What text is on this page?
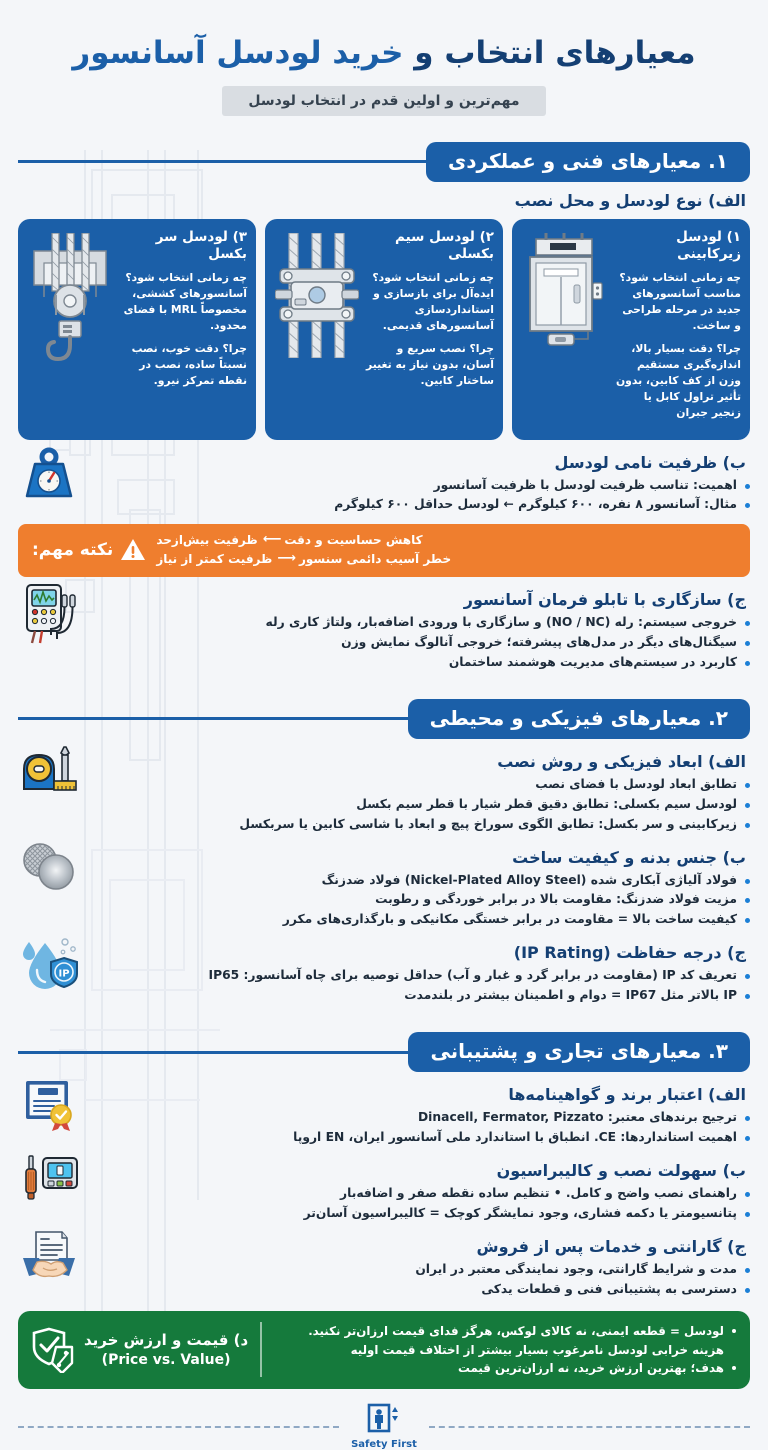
معیارهای انتخاب و خرید لودسل آسانسور
مهم‌ترین و اولین قدم در انتخاب لودسل
۱. معیارهای فنی و عملکردی
الف) نوع لودسل و محل نصب
۱) لودسل زیرکابینی
چه زمانی انتخاب شود؟ مناسب آسانسورهای جدید در مرحله طراحی و ساخت.
چرا؟ دقت بسیار بالا، اندازه‌گیری مستقیم وزن از کف کابین، بدون تأثیر تراول کابل یا زنجیر جبران
۲) لودسل سیم بکسلی
چه زمانی انتخاب شود؟ ایده‌آل برای بازسازی و استانداردسازی آسانسورهای قدیمی.
چرا؟ نصب سریع و آسان، بدون نیاز به تغییر ساختار کابین.
۳) لودسل سر بکسل
چه زمانی انتخاب شود؟ آسانسورهای کششی، مخصوصاً MRL با فضای محدود.
چرا؟ دقت خوب، نصب نسبتاً ساده، نصب در نقطه تمرکز نیرو.
ب) ظرفیت نامی لودسل
اهمیت: تناسب ظرفیت لودسل با ظرفیت آسانسور
مثال: آسانسور ۸ نفره، ۶۰۰ کیلوگرم ← لودسل حداقل ۶۰۰ کیلوگرم
نکته مهم:
ظرفیت بیش‌ازحد ⟵ کاهش حساسیت و دقت
ظرفیت کمتر از نیاز ⟶ خطر آسیب دائمی سنسور
ج) سازگاری با تابلو فرمان آسانسور
خروجی سیستم: رله (NO / NC) و سازگاری با ورودی اضافه‌بار، ولتاژ کاری رله
سیگنال‌های دیگر در مدل‌های پیشرفته؛ خروجی آنالوگ نمایش وزن
کاربرد در سیستم‌های مدیریت هوشمند ساختمان
۲. معیارهای فیزیکی و محیطی
الف) ابعاد فیزیکی و روش نصب
تطابق ابعاد لودسل با فضای نصب
لودسل سیم بکسلی: تطابق دقیق قطر شیار با قطر سیم بکسل
زیرکابینی و سر بکسل: تطابق الگوی سوراخ پیچ و ابعاد با شاسی کابین یا سربکسل
ب) جنس بدنه و کیفیت ساخت
فولاد آلیاژی آبکاری شده (Nickel-Plated Alloy Steel) فولاد ضدزنگ
مزیت فولاد ضدزنگ: مقاومت بالا در برابر خوردگی و رطوبت
کیفیت ساخت بالا = مقاومت در برابر خستگی مکانیکی و بارگذاری‌های مکرر
IP
ج) درجه حفاظت (IP Rating)
تعریف کد IP (مقاومت در برابر گرد و غبار و آب) حداقل توصیه برای چاه آسانسور: IP65
IP بالاتر مثل IP67 = دوام و اطمینان بیشتر در بلندمدت
۳. معیارهای تجاری و پشتیبانی
الف) اعتبار برند و گواهینامه‌ها
ترجیح برندهای معتبر: Dinacell, Fermator, Pizzato
اهمیت استانداردها: CE. انطباق با استاندارد ملی آسانسور ایران، EN اروپا
ب) سهولت نصب و کالیبراسیون
راهنمای نصب واضح و کامل. • تنظیم ساده نقطه صفر و اضافه‌بار
پتانسیومتر یا دکمه فشاری، وجود نمایشگر کوچک = کالیبراسیون آسان‌تر
ج) گارانتی و خدمات پس از فروش
مدت و شرایط گارانتی، وجود نمایندگی معتبر در ایران
دسترسی به پشتیبانی فنی و قطعات یدکی
د) قیمت و ارزش خرید
(Price vs. Value)
لودسل = قطعه ایمنی، نه کالای لوکس، هرگز فدای قیمت ارزان‌تر نکنید.
هزینه خرابی لودسل نامرغوب بسیار بیشتر از اختلاف قیمت اولیه
هدف؛ بهترین ارزش خرید، نه ارزان‌ترین قیمت
Safety First
